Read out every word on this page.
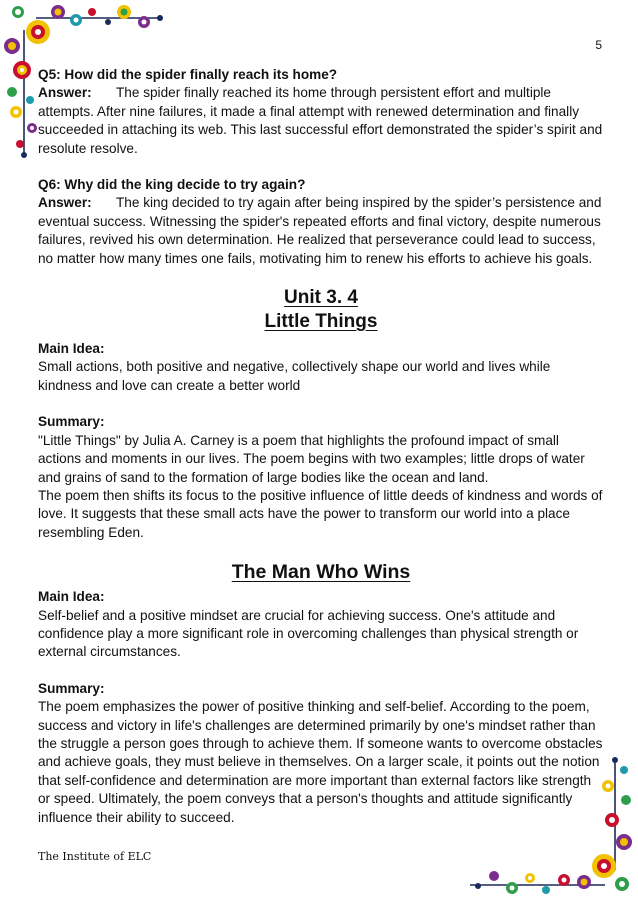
5
Q5: How did the spider finally reach its home?

Answer: The spider finally reached its home through persistent effort and multiple attempts. After nine failures, it made a final attempt with renewed determination and finally succeeded in attaching its web. This last successful effort demonstrated the spider’s spirit and resolute resolve.

Q6: Why did the king decide to try again?

Answer: The king decided to try again after being inspired by the spider’s persistence and eventual success. Witnessing the spider's repeated efforts and final victory, despite numerous failures, revived his own determination. He realized that perseverance could lead to success, no matter how many times one fails, motivating him to renew his efforts to achieve his goals.

Unit 3. 4
Little Things
Main Idea:

Small actions, both positive and negative, collectively shape our world and lives while kindness and love can create a better world

Summary:

"Little Things" by Julia A. Carney is a poem that highlights the profound impact of small actions and moments in our lives. The poem begins with two examples; little drops of water and grains of sand to the formation of large bodies like the ocean and land.

The poem then shifts its focus to the positive influence of little deeds of kindness and words of love. It suggests that these small acts have the power to transform our world into a place resembling Eden.

The Man Who Wins
Main Idea:

Self-belief and a positive mindset are crucial for achieving success. One's attitude and confidence play a more significant role in overcoming challenges than physical strength or external circumstances.

Summary:

The poem emphasizes the power of positive thinking and self-belief. According to the poem, success and victory in life's challenges are determined primarily by one's mindset rather than the struggle a person goes through to achieve them. If someone wants to overcome obstacles and achieve goals, they must believe in themselves. On a larger scale, it points out the notion that self-confidence and determination are more important than external factors like strength or speed. Ultimately, the poem conveys that a person's thoughts and attitude significantly influence their ability to succeed.

The Institute of ELC
